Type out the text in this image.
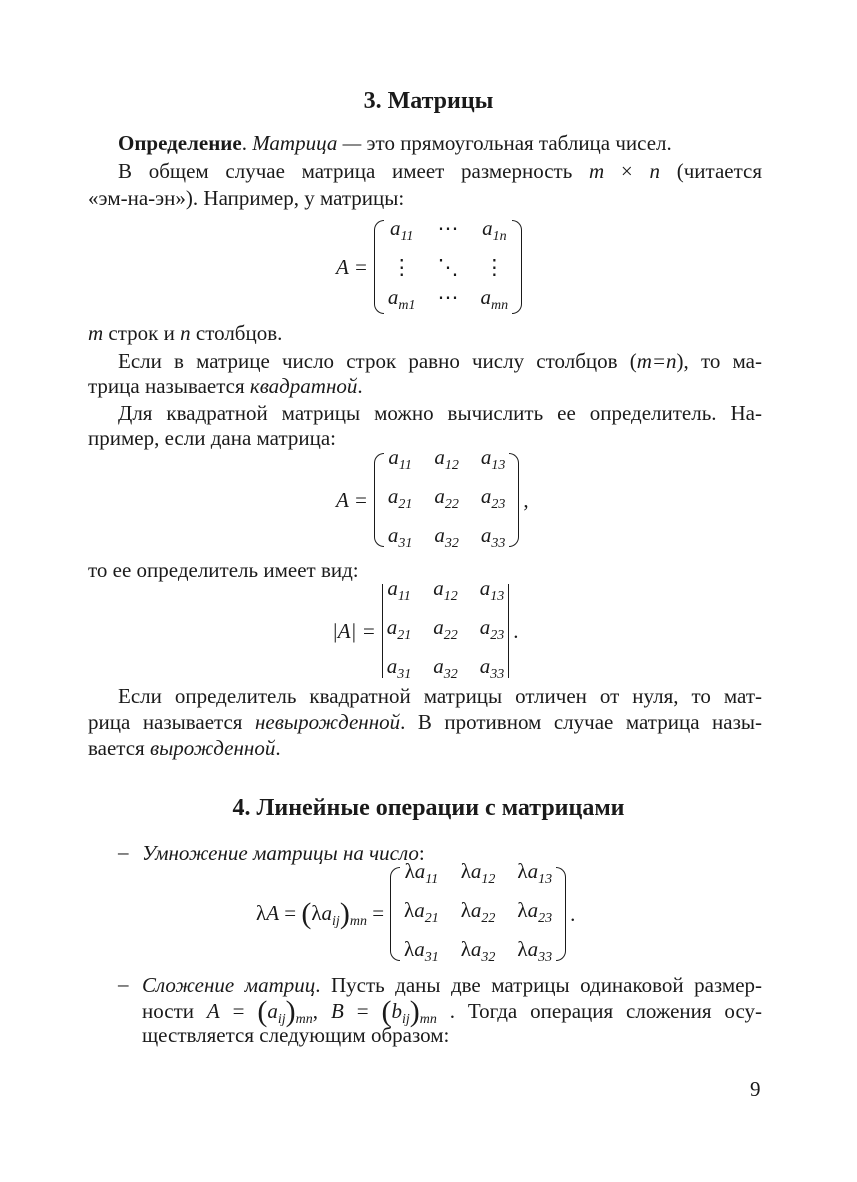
3. Матрицы
Определение. Матрица — это прямоугольная таблица чисел.
В общем случае матрица имеет размерность m × n (читается
«эм-на-эн»). Например, у матрицы:
A =
$a_{11}$ ⋯ $a_{1n}$
⋮ ⋱ ⋮
$a_{m1}$ ⋯ $a_{mn}$
m строк и n столбцов.
Если в матрице число строк равно числу столбцов (m=n), то ма-
трица называется квадратной.
Для квадратной матрицы можно вычислить ее определитель. На-
пример, если дана матрица:
A =
$a_{11}$ $a_{12}$ $a_{13}$
$a_{21}$ $a_{22}$ $a_{23}$
$a_{31}$ $a_{32}$ $a_{33}$
,
то ее определитель имеет вид:
|A| =
$a_{11}$ $a_{12}$ $a_{13}$
$a_{21}$ $a_{22}$ $a_{23}$
$a_{31}$ $a_{32}$ $a_{33}$
.
Если определитель квадратной матрицы отличен от нуля, то мат-
рица называется невырожденной. В противном случае матрица назы-
вается вырожденной.
4. Линейные операции с матрицами
– Умножение матрицы на число:
$\lambda A = (\lambda a_{ij})_{mn}$ =
$\lambda a_{11}$ $\lambda a_{12}$ $\lambda a_{13}$
$\lambda a_{21}$ $\lambda a_{22}$ $\lambda a_{23}$
$\lambda a_{31}$ $\lambda a_{32}$ $\lambda a_{33}$
.
– Сложение матриц. Пусть даны две матрицы одинаковой размер-
ности $A = (a_{ij})_{mn}$, $B = (b_{ij})_{mn}$ . Тогда операция сложения осу-
ществляется следующим образом:
9
